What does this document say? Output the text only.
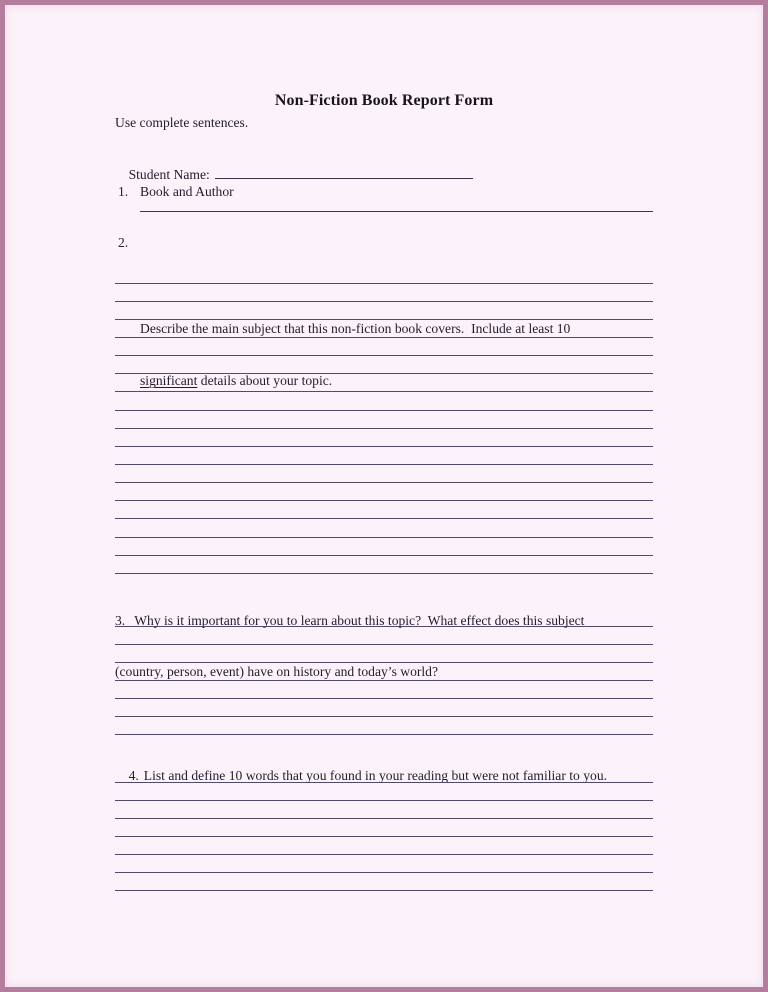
Non-Fiction Book Report Form
Use complete sentences.

Student Name:

1.

Book and Author

2.

Describe the main subject that this non-fiction book covers.  Include at least 10

significant details about your topic.

3. Why is it important for you to learn about this topic?  What effect does this subject

(country, person, event) have on history and today’s world?

4. List and define 10 words that you found in your reading but were not familiar to you.
